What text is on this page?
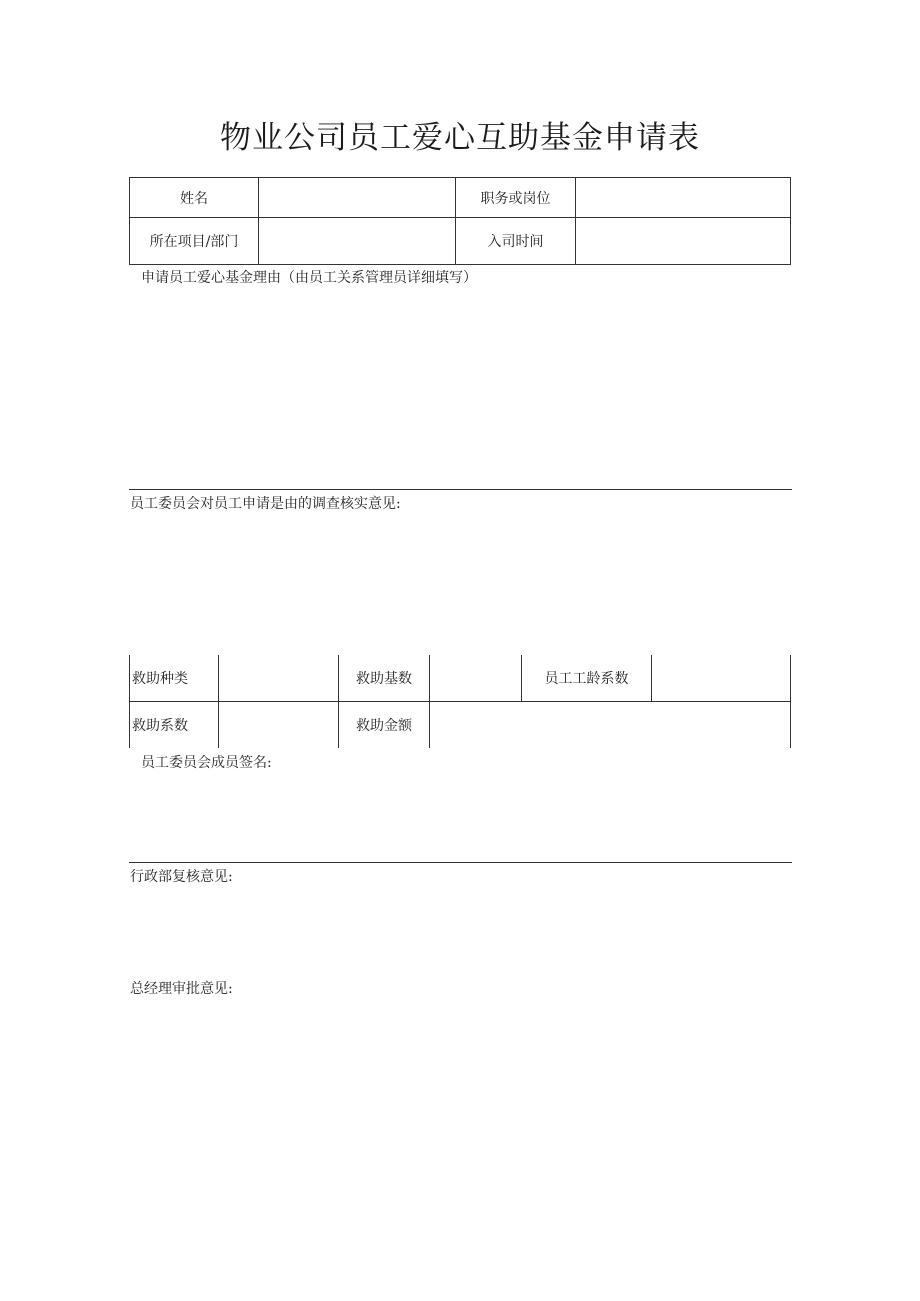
物业公司员工爱心互助基金申请表
姓名		职务或岗位	
所在项目/部门		入司时间	
申请员工爱心基金理由（由员工关系管理员详细填写）
员工委员会对员工申请是由的调查核实意见:
救助种类		救助基数		员工工龄系数	
救助系数		救助金额			
员工委员会成员签名:
行政部复核意见:
总经理审批意见:
